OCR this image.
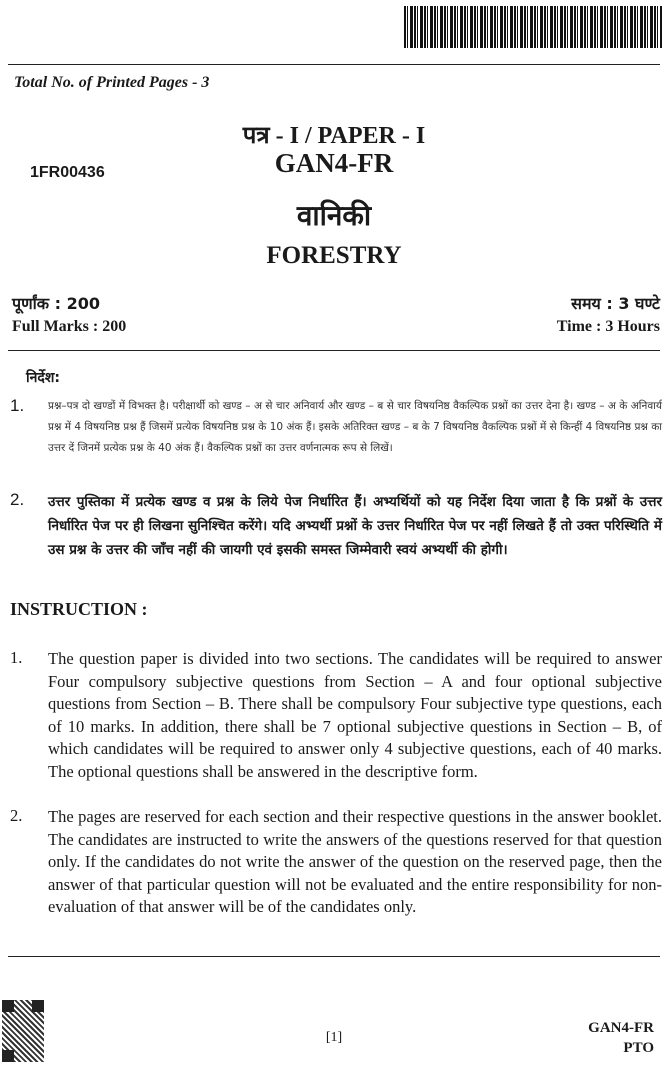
Total No. of Printed Pages - 3
पत्र - I / PAPER - I
1FR00436	GAN4-FR
वानिकी
FORESTRY
पूर्णांक : 200
Full Marks : 200
समय : 3 घण्टे
Time : 3 Hours
निर्देश:
1. प्रश्न–पत्र दो खण्डों में विभक्त है। परीक्षार्थी को खण्ड – अ से चार अनिवार्य और खण्ड – ब से चार विषयनिष्ठ वैकल्पिक प्रश्नों का उत्तर देना है। खण्ड – अ के अनिवार्य प्रश्न में 4 विषयनिष्ठ प्रश्न हैं जिसमें प्रत्येक विषयनिष्ठ प्रश्न के 10 अंक हैं। इसके अतिरिक्त खण्ड – ब के 7 विषयनिष्ठ वैकल्पिक प्रश्नों में से किन्हीं 4 विषयनिष्ठ प्रश्न का उत्तर दें जिनमें प्रत्येक प्रश्न के 40 अंक हैं। वैकल्पिक प्रश्नों का उत्तर वर्णनात्मक रूप से लिखें।
2. उत्तर पुस्तिका में प्रत्येक खण्ड व प्रश्न के लिये पेज निर्धारित हैं। अभ्यर्थियों को यह निर्देश दिया जाता है कि प्रश्नों के उत्तर निर्धारित पेज पर ही लिखना सुनिश्चित करेंगे। यदि अभ्यर्थी प्रश्नों के उत्तर निर्धारित पेज पर नहीं लिखते हैं तो उक्त परिस्थिति में उस प्रश्न के उत्तर की जाँच नहीं की जायगी एवं इसकी समस्त जिम्मेवारी स्वयं अभ्यर्थी की होगी।
INSTRUCTION :
1. The question paper is divided into two sections. The candidates will be required to answer Four compulsory subjective questions from Section – A and four optional subjective questions from Section – B. There shall be compulsory Four subjective type questions, each of 10 marks. In addition, there shall be 7 optional subjective questions in Section – B, of which candidates will be required to answer only 4 subjective questions, each of 40 marks. The optional questions shall be answered in the descriptive form.
2. The pages are reserved for each section and their respective questions in the answer booklet. The candidates are instructed to write the answers of the questions reserved for that question only. If the candidates do not write the answer of the question on the reserved page, then the answer of that particular question will not be evaluated and the entire responsibility for non-evaluation of that answer will be of the candidates only.
[1]
GAN4-FR
PTO
